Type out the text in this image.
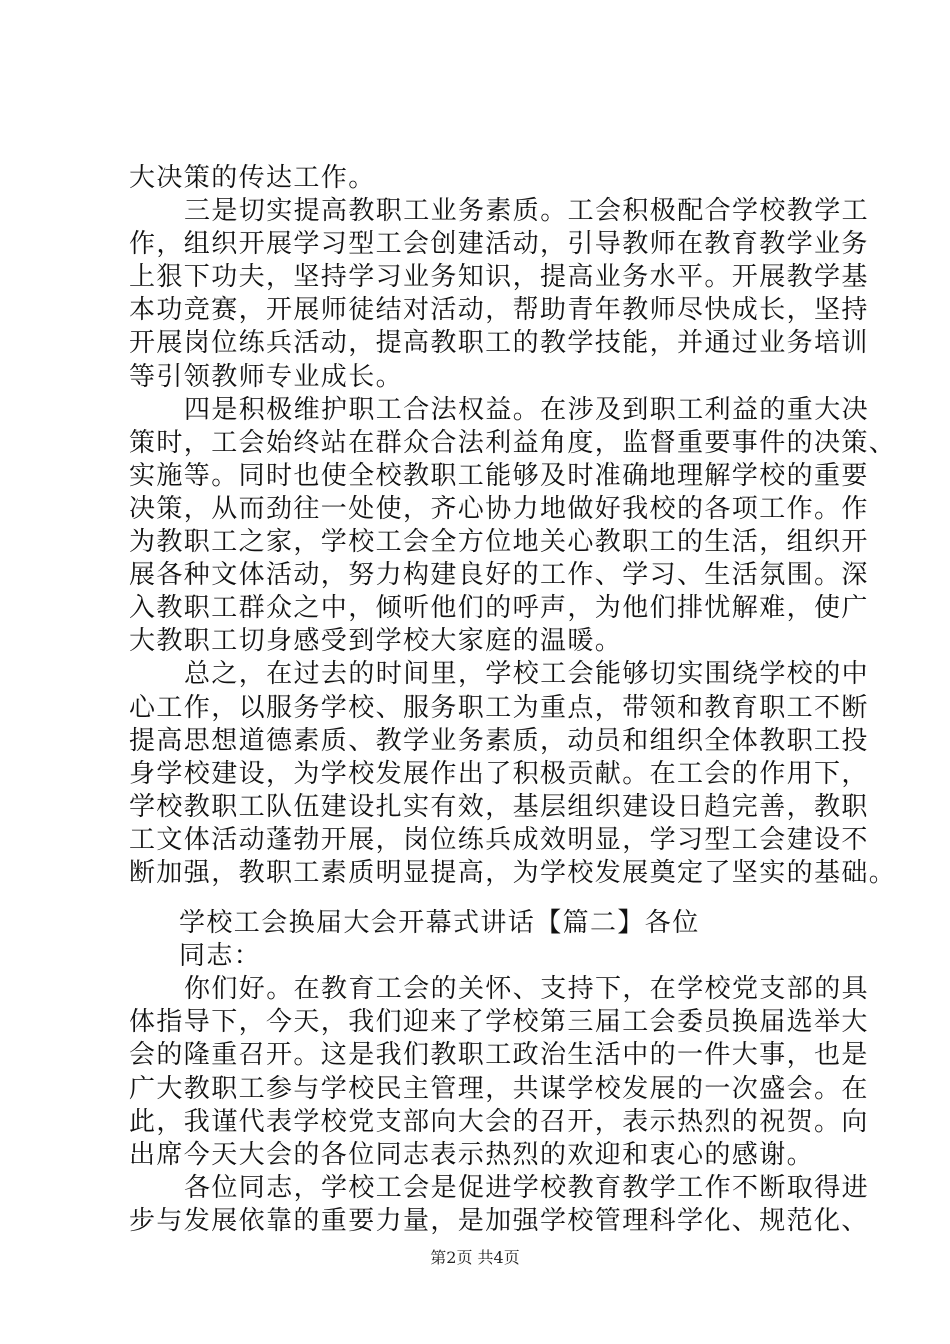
大决策的传达工作。
三是切实提高教职工业务素质。工会积极配合学校教学工
作，组织开展学习型工会创建活动，引导教师在教育教学业务
上狠下功夫，坚持学习业务知识，提高业务水平。开展教学基
本功竞赛，开展师徒结对活动，帮助青年教师尽快成长，坚持
开展岗位练兵活动，提高教职工的教学技能，并通过业务培训
等引领教师专业成长。
四是积极维护职工合法权益。在涉及到职工利益的重大决
策时，工会始终站在群众合法利益角度，监督重要事件的决策、
实施等。同时也使全校教职工能够及时准确地理解学校的重要
决策，从而劲往一处使，齐心协力地做好我校的各项工作。作
为教职工之家，学校工会全方位地关心教职工的生活，组织开
展各种文体活动，努力构建良好的工作、学习、生活氛围。深
入教职工群众之中，倾听他们的呼声，为他们排忧解难，使广
大教职工切身感受到学校大家庭的温暖。
总之，在过去的时间里，学校工会能够切实围绕学校的中
心工作，以服务学校、服务职工为重点，带领和教育职工不断
提高思想道德素质、教学业务素质，动员和组织全体教职工投
身学校建设，为学校发展作出了积极贡献。在工会的作用下，
学校教职工队伍建设扎实有效，基层组织建设日趋完善，教职
工文体活动蓬勃开展，岗位练兵成效明显，学习型工会建设不
断加强，教职工素质明显提高，为学校发展奠定了坚实的基础。
学校工会换届大会开幕式讲话【篇二】各位
同志：
你们好。在教育工会的关怀、支持下，在学校党支部的具
体指导下，今天，我们迎来了学校第三届工会委员换届选举大
会的隆重召开。这是我们教职工政治生活中的一件大事，也是
广大教职工参与学校民主管理，共谋学校发展的一次盛会。在
此，我谨代表学校党支部向大会的召开，表示热烈的祝贺。向
出席今天大会的各位同志表示热烈的欢迎和衷心的感谢。
各位同志，学校工会是促进学校教育教学工作不断取得进
步与发展依靠的重要力量，是加强学校管理科学化、规范化、
第2页 共4页
